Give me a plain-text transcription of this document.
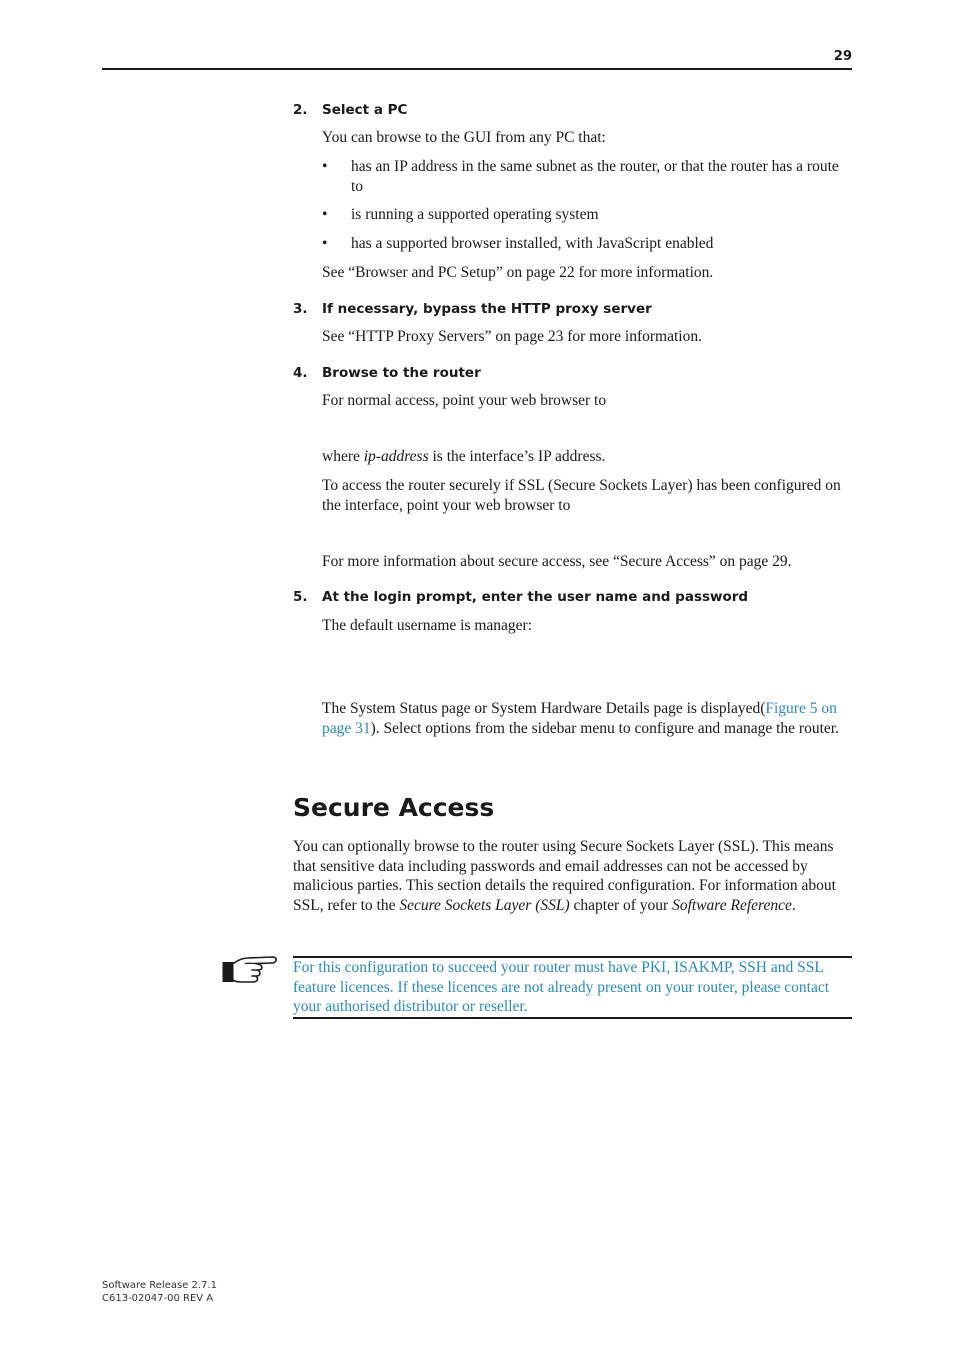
29
2. Select a PC
You can browse to the GUI from any PC that:
• has an IP address in the same subnet as the router, or that the router has a route to
• is running a supported operating system
• has a supported browser installed, with JavaScript enabled
See “Browser and PC Setup” on page 22 for more information.
3. If necessary, bypass the HTTP proxy server
See “HTTP Proxy Servers” on page 23 for more information.
4. Browse to the router
For normal access, point your web browser to
where ip-address is the interface’s IP address.
To access the router securely if SSL (Secure Sockets Layer) has been configured on the interface, point your web browser to
For more information about secure access, see “Secure Access” on page 29.
5. At the login prompt, enter the user name and password
The default username is manager:
The System Status page or System Hardware Details page is displayed(Figure 5 on page 31). Select options from the sidebar menu to configure and manage the router.
Secure Access
You can optionally browse to the router using Secure Sockets Layer (SSL). This means that sensitive data including passwords and email addresses can not be accessed by malicious parties. This section details the required configuration. For information about SSL, refer to the Secure Sockets Layer (SSL) chapter of your Software Reference.
For this configuration to succeed your router must have PKI, ISAKMP, SSH and SSL feature licences. If these licences are not already present on your router, please contact your authorised distributor or reseller.
Software Release 2.7.1
C613-02047-00 REV A
